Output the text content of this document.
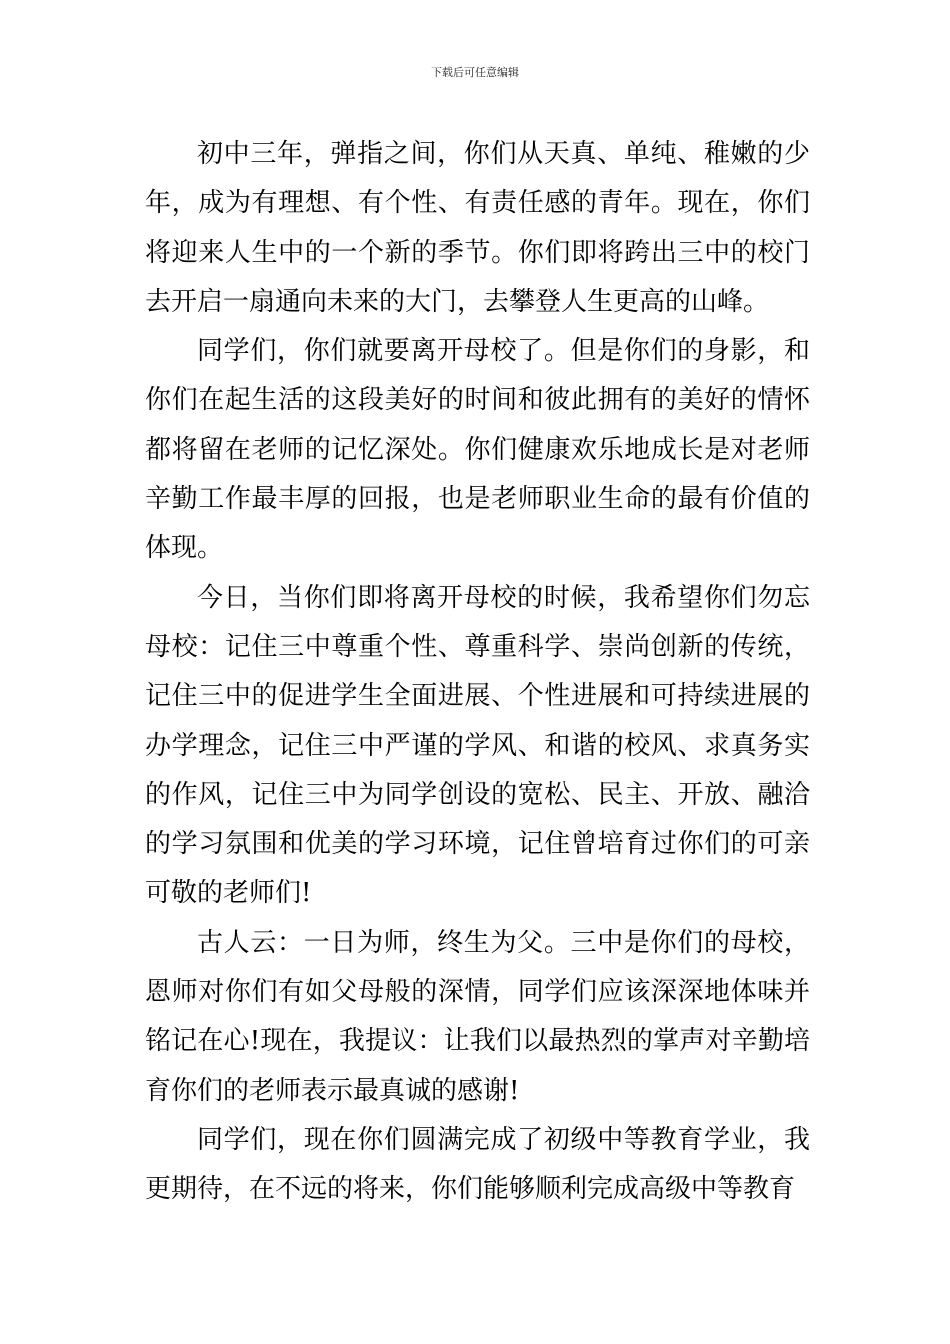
下载后可任意编辑

初中三年，弹指之间，你们从天真、单纯、稚嫩的少年，成为有理想、有个性、有责任感的青年。现在，你们将迎来人生中的一个新的季节。你们即将跨出三中的校门去开启一扇通向未来的大门，去攀登人生更高的山峰。

同学们，你们就要离开母校了。但是你们的身影，和你们在起生活的这段美好的时间和彼此拥有的美好的情怀都将留在老师的记忆深处。你们健康欢乐地成长是对老师辛勤工作最丰厚的回报，也是老师职业生命的最有价值的体现。

今日，当你们即将离开母校的时候，我希望你们勿忘母校：记住三中尊重个性、尊重科学、崇尚创新的传统，记住三中的促进学生全面进展、个性进展和可持续进展的办学理念，记住三中严谨的学风、和谐的校风、求真务实的作风，记住三中为同学创设的宽松、民主、开放、融洽的学习氛围和优美的学习环境，记住曾培育过你们的可亲可敬的老师们!

古人云：一日为师，终生为父。三中是你们的母校，恩师对你们有如父母般的深情，同学们应该深深地体味并铭记在心!现在，我提议：让我们以最热烈的掌声对辛勤培育你们的老师表示最真诚的感谢!

同学们，现在你们圆满完成了初级中等教育学业，我更期待，在不远的将来，你们能够顺利完成高级中等教育
